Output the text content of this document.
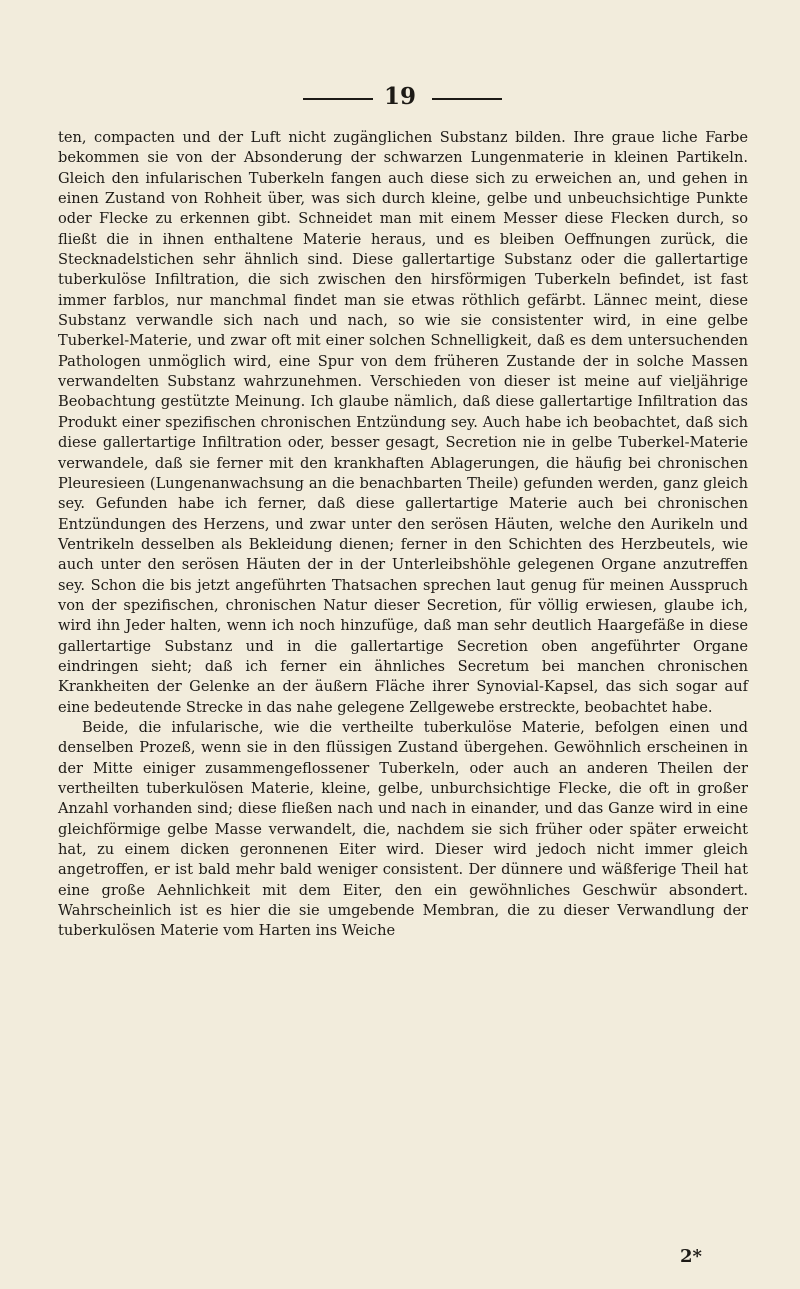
19

ten, compacten und der Luft nicht zugänglichen Substanz bilden. Ihre graue liche Farbe bekommen sie von der Absonderung der schwarzen Lungenmaterie in kleinen Partikeln. Gleich den infularischen Tuberkeln fangen auch diese sich zu erweichen an, und gehen in einen Zustand von Rohheit über, was sich durch kleine, gelbe und unbeuchsichtige Punkte oder Flecke zu erkennen gibt. Schneidet man mit einem Messer diese Flecken durch, so fließt die in ihnen enthaltene Materie heraus, und es bleiben Oeffnungen zurück, die Stecknadelstichen sehr ähnlich sind. Diese gallertartige Substanz oder die gallertartige tuberkulöse Infiltration, die sich zwischen den hirsförmigen Tuberkeln befindet, ist fast immer farblos, nur manchmal findet man sie etwas röthlich gefärbt. Lännec meint, diese Substanz verwandle sich nach und nach, so wie sie consistenter wird, in eine gelbe Tuberkel-Materie, und zwar oft mit einer solchen Schnelligkeit, daß es dem untersuchenden Pathologen unmöglich wird, eine Spur von dem früheren Zustande der in solche Massen verwandelten Substanz wahrzunehmen. Verschieden von dieser ist meine auf vieljährige Beobachtung gestützte Meinung. Ich glaube nämlich, daß diese gallertartige Infiltration das Produkt einer spezifischen chronischen Entzündung sey. Auch habe ich beobachtet, daß sich diese gallertartige Infiltration oder, besser gesagt, Secretion nie in gelbe Tuberkel-Materie verwandele, daß sie ferner mit den krankhaften Ablagerungen, die häufig bei chronischen Pleuresieen (Lungenanwachsung an die benachbarten Theile) gefunden werden, ganz gleich sey. Gefunden habe ich ferner, daß diese gallertartige Materie auch bei chronischen Entzündungen des Herzens, und zwar unter den serösen Häuten, welche den Aurikeln und Ventrikeln desselben als Bekleidung dienen; ferner in den Schichten des Herzbeutels, wie auch unter den serösen Häuten der in der Unterleibshöhle gelegenen Organe anzutreffen sey. Schon die bis jetzt angeführten Thatsachen sprechen laut genug für meinen Ausspruch von der spezifischen, chronischen Natur dieser Secretion, für völlig erwiesen, glaube ich, wird ihn Jeder halten, wenn ich noch hinzufüge, daß man sehr deutlich Haargefäße in diese gallertartige Substanz und in die gallertartige Secretion oben angeführter Organe eindringen sieht; daß ich ferner ein ähnliches Secretum bei manchen chronischen Krankheiten der Gelenke an der äußern Fläche ihrer Synovial-Kapsel, das sich sogar auf eine bedeutende Strecke in das nahe gelegene Zellgewebe erstreckte, beobachtet habe.

Beide, die infularische, wie die vertheilte tuberkulöse Materie, befolgen einen und denselben Prozeß, wenn sie in den flüssigen Zustand übergehen. Gewöhnlich erscheinen in der Mitte einiger zusammengeflossener Tuberkeln, oder auch an anderen Theilen der vertheilten tuberkulösen Materie, kleine, gelbe, unburchsichtige Flecke, die oft in großer Anzahl vorhanden sind; diese fließen nach und nach in einander, und das Ganze wird in eine gleichförmige gelbe Masse verwandelt, die, nachdem sie sich früher oder später erweicht hat, zu einem dicken geronnenen Eiter wird. Dieser wird jedoch nicht immer gleich angetroffen, er ist bald mehr bald weniger consistent. Der dünnere und wäßferige Theil hat eine große Aehnlichkeit mit dem Eiter, den ein gewöhnliches Geschwür absondert. Wahrscheinlich ist es hier die sie umgebende Membran, die zu dieser Verwandlung der tuberkulösen Materie vom Harten ins Weiche

2*
